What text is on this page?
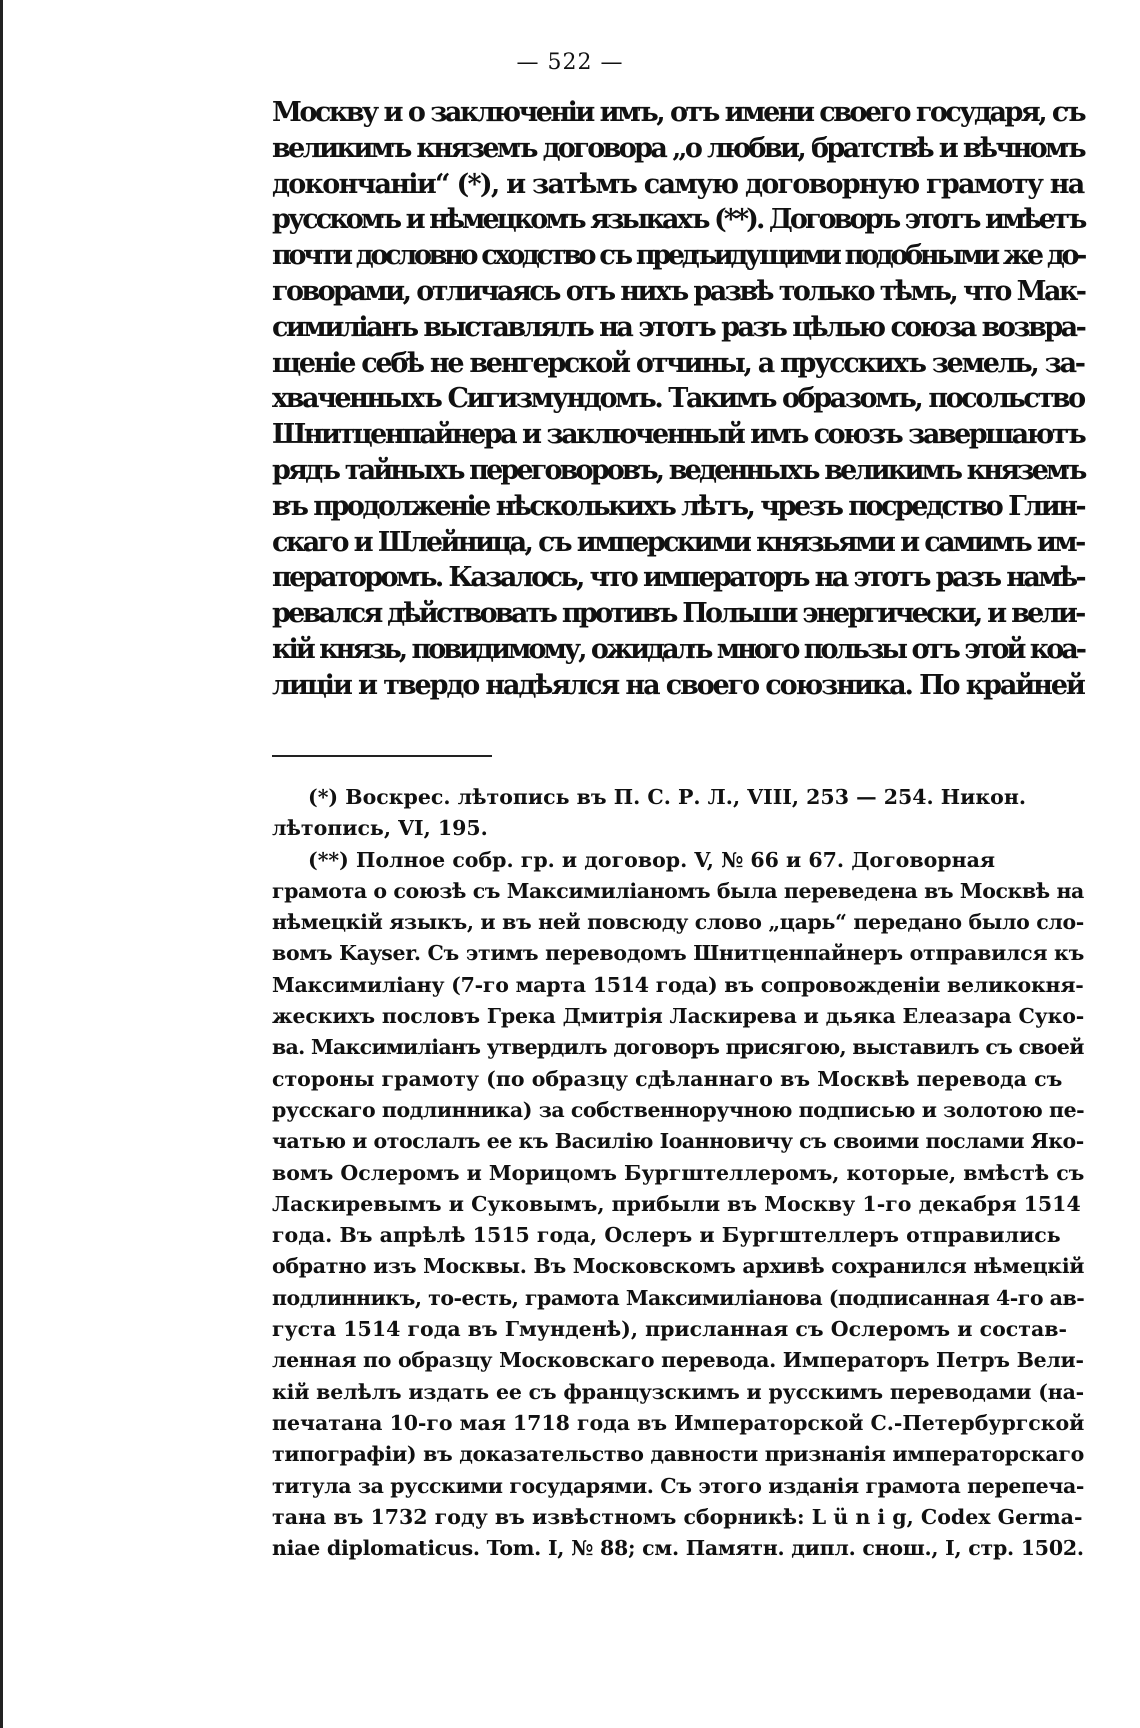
— 522 —
Москву и о заключеніи имъ, отъ имени своего государя, съ
великимъ княземъ договора „о любви, братствѣ и вѣчномъ
докончаніи“ (*), и затѣмъ самую договорную грамоту на
русскомъ и нѣмецкомъ языкахъ (**). Договоръ этотъ имѣетъ
почти дословно сходство съ предъидущими подобными же до-
говорами, отличаясь отъ нихъ развѣ только тѣмъ, что Мак-
симиліанъ выставлялъ на этотъ разъ цѣлью союза возвра-
щеніе себѣ не венгерской отчины, а прусскихъ земель, за-
хваченныхъ Сигизмундомъ. Такимъ образомъ, посольство
Шнитценпайнера и заключенный имъ союзъ завершаютъ
рядъ тайныхъ переговоровъ, веденныхъ великимъ княземъ
въ продолженіе нѣсколькихъ лѣтъ, чрезъ посредство Глин-
скаго и Шлейница, съ имперскими князьями и самимъ им-
ператоромъ. Казалось, что императоръ на этотъ разъ намѣ-
ревался дѣйствовать противъ Польши энергически, и вели-
кій князь, повидимому, ожидалъ много пользы отъ этой коа-
лиціи и твердо надѣялся на своего союзника. По крайней
(*) Воскрес. лѣтопись въ П. С. Р. Л., VIII, 253 — 254. Никон.
лѣтопись, VI, 195.
(**) Полное собр. гр. и договор. V, № 66 и 67. Договорная
грамота о союзѣ съ Максимиліаномъ была переведена въ Москвѣ на
нѣмецкій языкъ, и въ ней повсюду слово „царь“ передано было сло-
вомъ Kayser. Съ этимъ переводомъ Шнитценпайнеръ отправился къ
Максимиліану (7-го марта 1514 года) въ сопровожденіи великокня-
жескихъ пословъ Грека Дмитрія Ласкирева и дьяка Елеазара Суко-
ва. Максимиліанъ утвердилъ договоръ присягою, выставилъ съ своей
стороны грамоту (по образцу сдѣланнаго въ Москвѣ перевода съ
русскаго подлинника) за собственноручною подписью и золотою пе-
чатью и отослалъ ее къ Василію Іоанновичу съ своими послами Яко-
вомъ Ослеромъ и Морицомъ Бургштеллеромъ, которые, вмѣстѣ съ
Ласкиревымъ и Суковымъ, прибыли въ Москву 1-го декабря 1514
года. Въ апрѣлѣ 1515 года, Ослеръ и Бургштеллеръ отправились
обратно изъ Москвы. Въ Московскомъ архивѣ сохранился нѣмецкій
подлинникъ, то-есть, грамота Максимиліанова (подписанная 4-го ав-
густа 1514 года въ Гмунденѣ), присланная съ Ослеромъ и состав-
ленная по образцу Московскаго перевода. Императоръ Петръ Вели-
кій велѣлъ издать ее съ французскимъ и русскимъ переводами (на-
печатана 10-го мая 1718 года въ Императорской С.-Петербургской
типографіи) въ доказательство давности признанія императорскаго
титула за русскими государями. Съ этого изданія грамота перепеча-
тана въ 1732 году въ извѣстномъ сборникѣ: L ü n i g, Codex Germa-
niae diplomaticus. Tom. I, № 88; см. Памятн. дипл. снош., I, стр. 1502.
